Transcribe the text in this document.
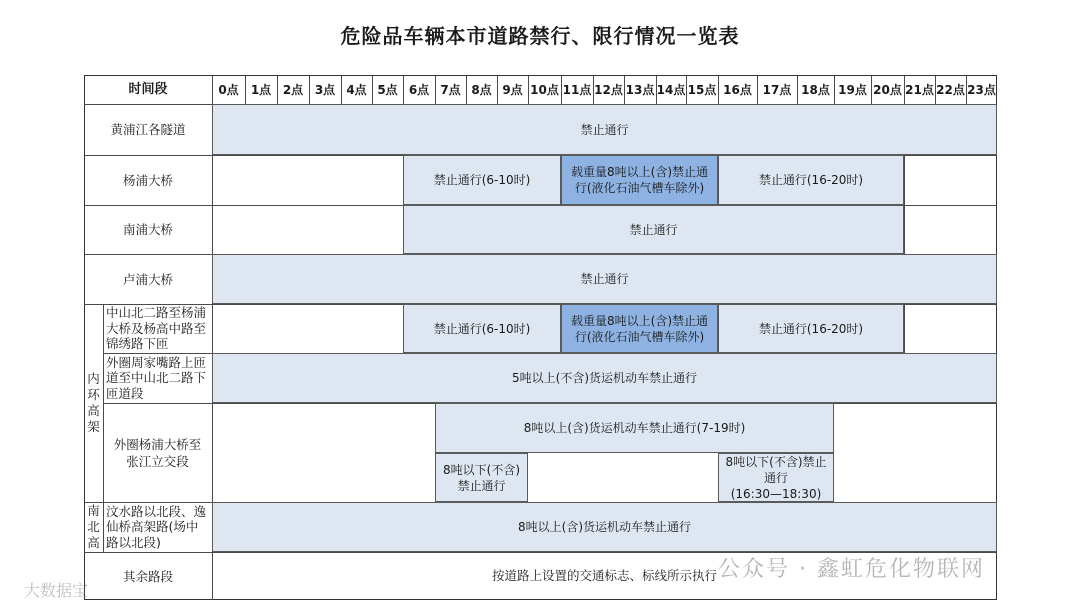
危险品车辆本市道路禁行、限行情况一览表
时间段	0点	1点 2点 3点 4点 5点 6点 7点 8点 9点 10点 11点 12点 13点 14点 15点 16点 17点 18点 19点 20点 21点 22点 23点
黄浦江各隧道
杨浦大桥
南浦大桥
卢浦大桥
内环高架
南北高
中山北二路至杨浦大桥及杨高中路至锦绣路下匝
外圈周家嘴路上匝道至中山北二路下匝道段
外圈杨浦大桥至张江立交段
汶水路以北段、逸仙桥高架路(场中路以北段)
其余路段
禁止通行
禁止通行(6-10时)
载重量8吨以上(含)禁止通行(液化石油气槽车除外)
禁止通行(16-20时)
禁止通行
禁止通行
禁止通行(6-10时)
载重量8吨以上(含)禁止通行(液化石油气槽车除外)
禁止通行(16-20时)
5吨以上(不含)货运机动车禁止通行
8吨以上(含)货运机动车禁止通行(7-19时)
8吨以下(不含)禁止通行
8吨以下(不含)禁止通行
(16:30—18:30)
8吨以上(含)货运机动车禁止通行
按道路上设置的交通标志、标线所示执行 公众号 · 鑫虹危化物联网
大数据宝
